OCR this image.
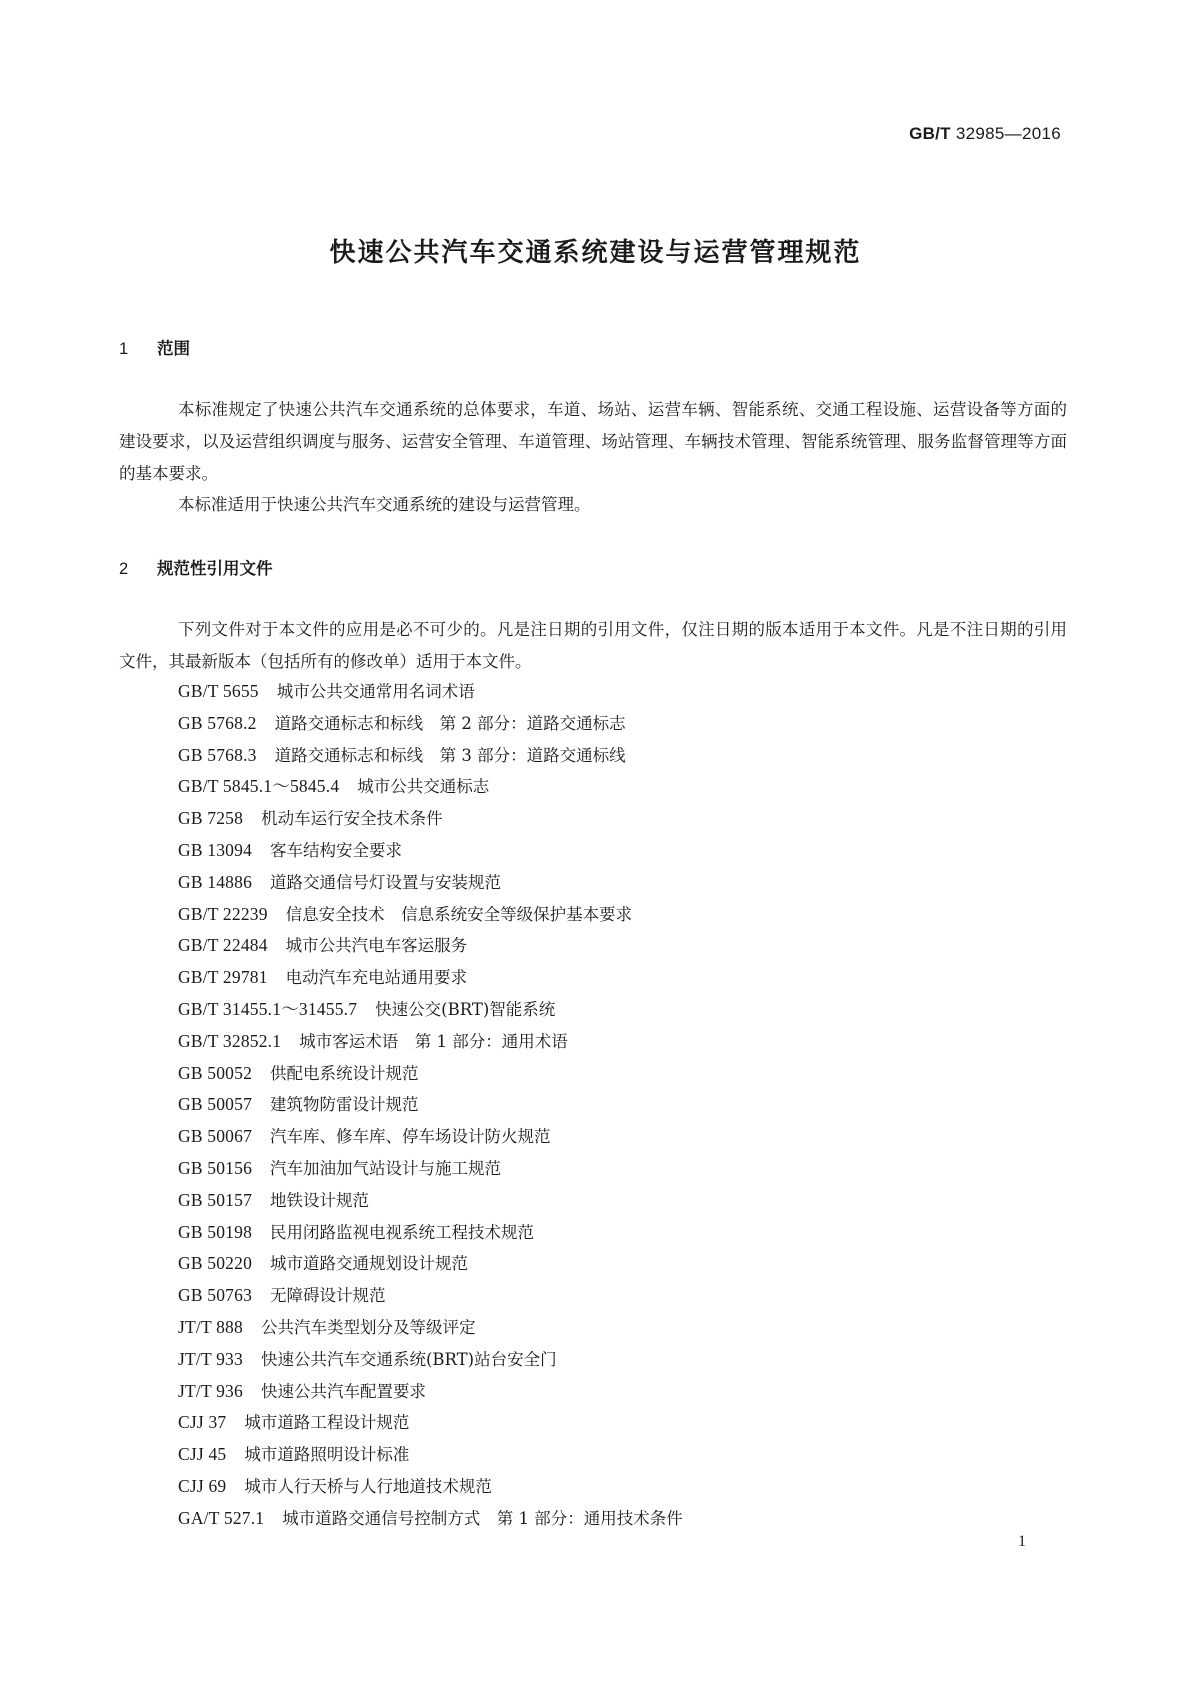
GB/T 32985—2016
快速公共汽车交通系统建设与运营管理规范
1 范围

本标准规定了快速公共汽车交通系统的总体要求，车道、场站、运营车辆、智能系统、交通工程设施、运营设备等方面的建设要求，以及运营组织调度与服务、运营安全管理、车道管理、场站管理、车辆技术管理、智能系统管理、服务监督管理等方面的基本要求。

本标准适用于快速公共汽车交通系统的建设与运营管理。

2 规范性引用文件

下列文件对于本文件的应用是必不可少的。凡是注日期的引用文件，仅注日期的版本适用于本文件。凡是不注日期的引用文件，其最新版本（包括所有的修改单）适用于本文件。

GB/T 5655 城市公共交通常用名词术语
GB 5768.2 道路交通标志和标线　第 2 部分：道路交通标志
GB 5768.3 道路交通标志和标线　第 3 部分：道路交通标线
GB/T 5845.1～5845.4 城市公共交通标志
GB 7258 机动车运行安全技术条件
GB 13094 客车结构安全要求
GB 14886 道路交通信号灯设置与安装规范
GB/T 22239 信息安全技术　信息系统安全等级保护基本要求
GB/T 22484 城市公共汽电车客运服务
GB/T 29781 电动汽车充电站通用要求
GB/T 31455.1～31455.7 快速公交(BRT)智能系统
GB/T 32852.1 城市客运术语　第 1 部分：通用术语
GB 50052 供配电系统设计规范
GB 50057 建筑物防雷设计规范
GB 50067 汽车库、修车库、停车场设计防火规范
GB 50156 汽车加油加气站设计与施工规范
GB 50157 地铁设计规范
GB 50198 民用闭路监视电视系统工程技术规范
GB 50220 城市道路交通规划设计规范
GB 50763 无障碍设计规范
JT/T 888 公共汽车类型划分及等级评定
JT/T 933 快速公共汽车交通系统(BRT)站台安全门
JT/T 936 快速公共汽车配置要求
CJJ 37 城市道路工程设计规范
CJJ 45 城市道路照明设计标准
CJJ 69 城市人行天桥与人行地道技术规范
GA/T 527.1 城市道路交通信号控制方式　第 1 部分：通用技术条件
1
